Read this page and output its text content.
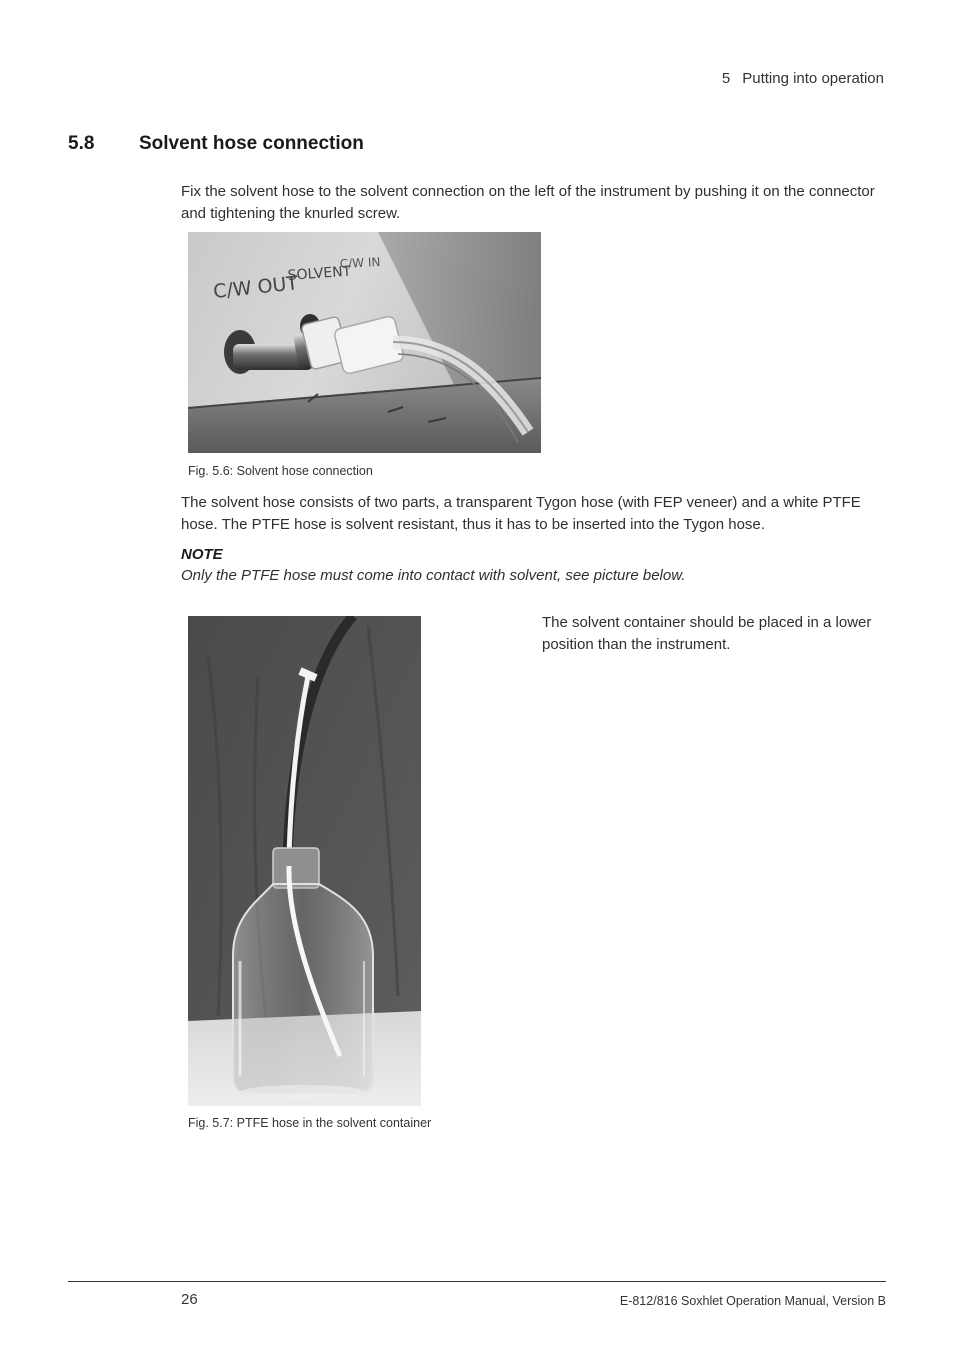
5 Putting into operation

5.8 Solvent hose connection
Fix the solvent hose to the solvent connection on the left of the instrument by pushing it on the connector and tightening the knurled screw.
C/W OUT
SOLVENT
C/W IN
Fig. 5.6: Solvent hose connection
The solvent hose consists of two parts, a transparent Tygon hose (with FEP veneer) and a white PTFE hose. The PTFE hose is solvent resistant, thus it has to be inserted into the Tygon hose.
NOTE
Only the PTFE hose must come into contact with solvent, see picture below.
Fig. 5.7: PTFE hose in the solvent container
The solvent container should be placed in a lower position than the instrument.
26	E-812/816 Soxhlet Operation Manual, Version B
